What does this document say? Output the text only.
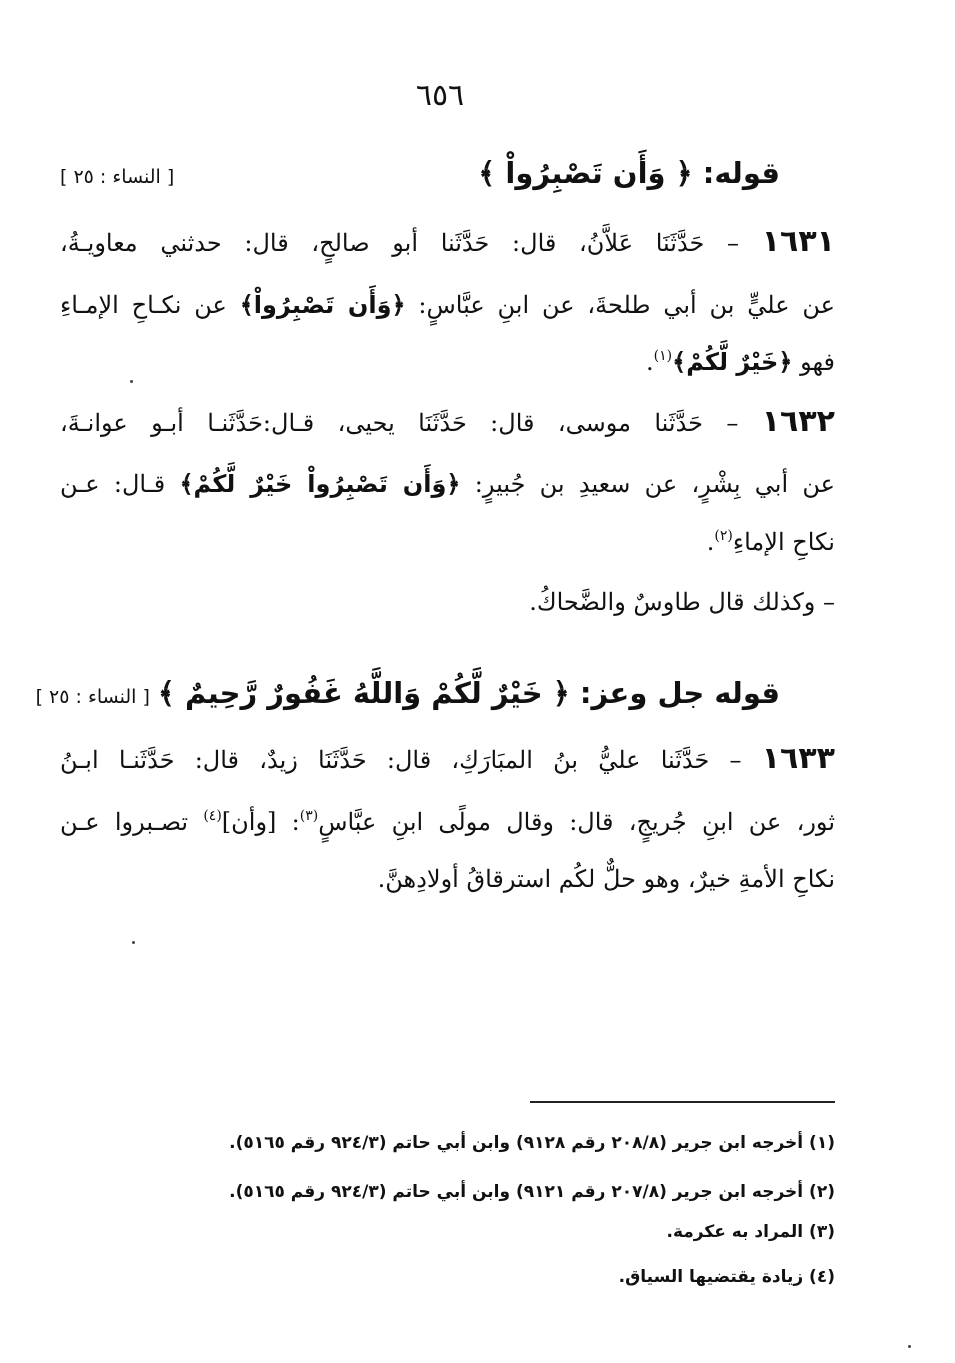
٦٥٦
قوله: ﴿ وَأَن تَصْبِرُواْ ﴾
[ النساء : ٢٥ ]
١٦٣١ – حَدَّثَنَا عَلاَّنُ، قال: حَدَّثَنا أبو صالحٍ، قال: حدثني معاويـةُ،
عن عليٍّ بن أبي طلحةَ، عن ابنِ عبَّاسٍ: ﴿وَأَن تَصْبِرُواْ﴾ عن نكـاحِ الإمـاءِ
فهو ﴿خَيْرٌ لَّكُمْ﴾$^{(١)}$.
١٦٣٢ – حَدَّثَنا موسى، قال: حَدَّثَنَا يحيى، قـال:حَدَّثَنـا أبـو عوانـةَ،
عن أبي بِشْرٍ، عن سعيدِ بن جُبيرٍ: ﴿وَأَن تَصْبِرُواْ خَيْرٌ لَّكُمْ﴾ قـال: عـن
نكاحِ الإماءِ$^{(٢)}$.
– وكذلك قال طاوسٌ والضَّحاكُ.
قوله جل وعز: ﴿ خَيْرٌ لَّكُمْ وَاللَّهُ غَفُورٌ رَّحِيمٌ ﴾
[ النساء : ٢٥ ]
١٦٣٣ – حَدَّثَنا عليُّ بنُ المبَارَكِ، قال: حَدَّثَنَا زيدٌ، قال: حَدَّثَنـا ابـنُ
ثور، عن ابنِ جُريجٍ، قال: وقال مولًى ابنِ عبَّاسٍ$^{(٣)}$: [وأن]$^{(٤)}$ تصـبروا عـن
نكاحِ الأمةِ خيرٌ، وهو حلٌّ لكُم استرقاقُ أولادِهنَّ.
(١) أخرجه ابن جرير (٢٠٨/٨ رقم ٩١٢٨) وابن أبي حاتم (٩٢٤/٣ رقم ٥١٦٥).
(٢) أخرجه ابن جرير (٢٠٧/٨ رقم ٩١٢١) وابن أبي حاتم (٩٢٤/٣ رقم ٥١٦٥).
(٣) المراد به عكرمة.
(٤) زيادة يقتضيها السياق.
